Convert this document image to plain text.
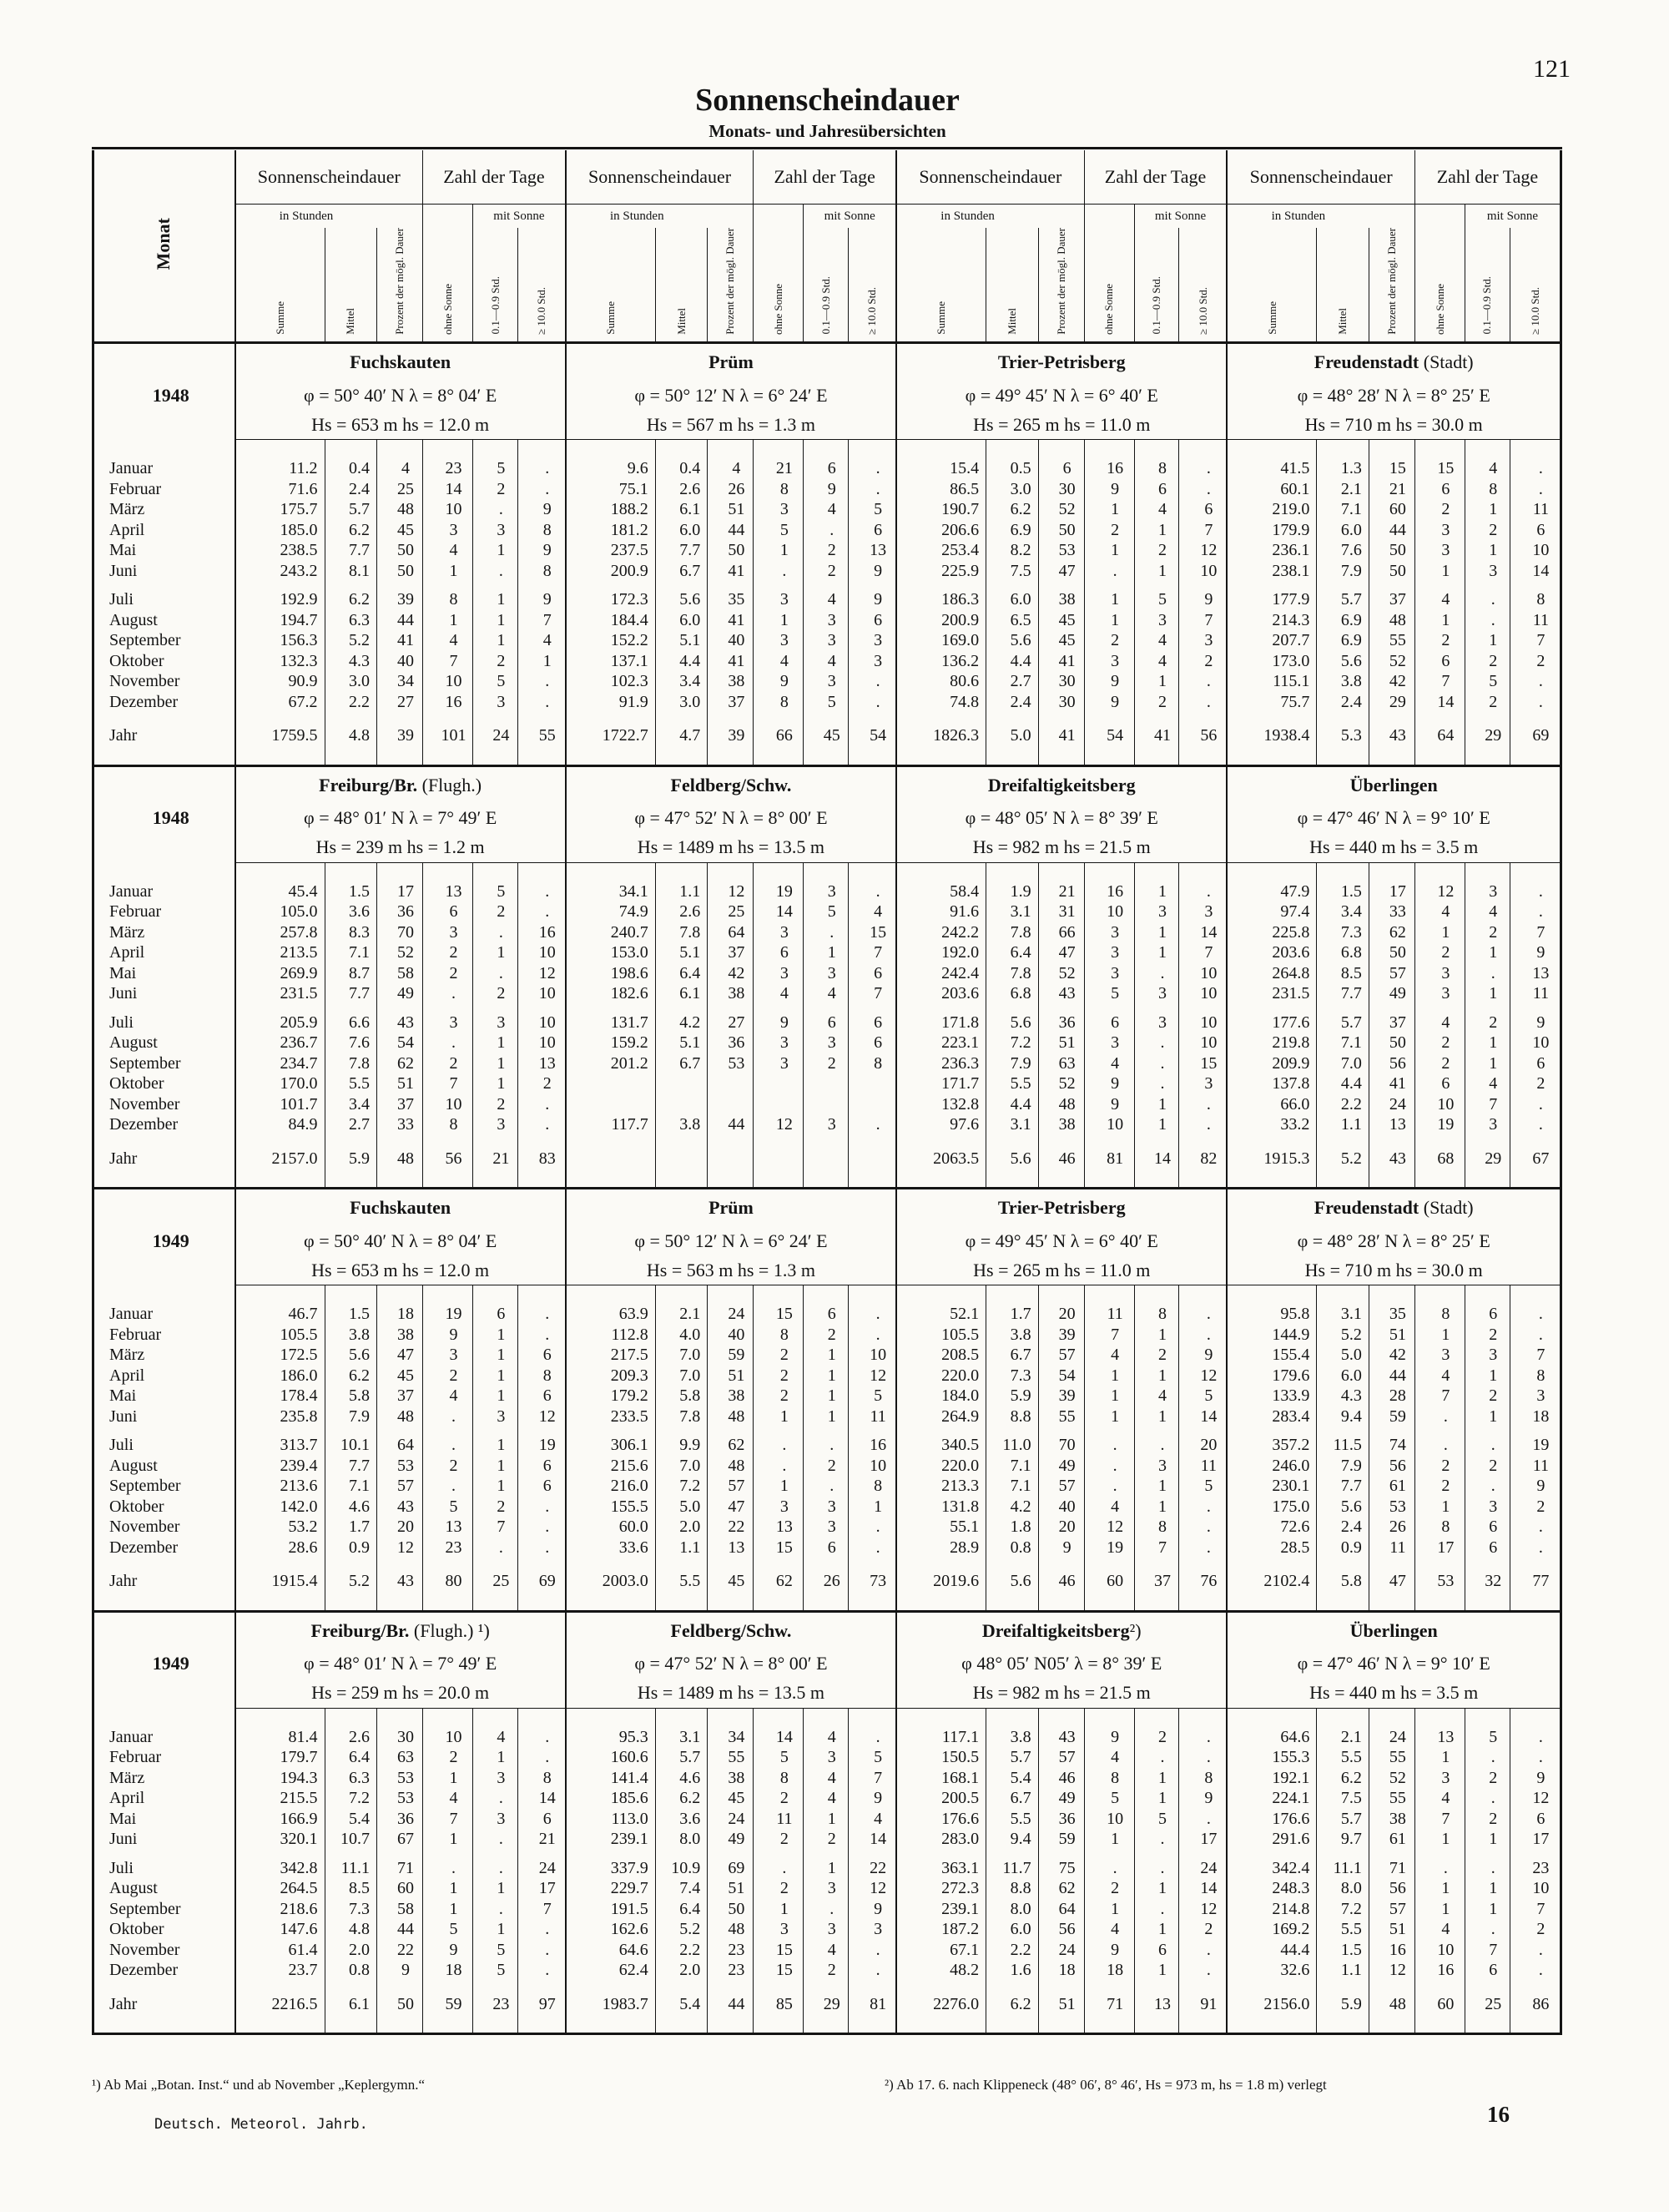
121
Sonnenscheindauer
Monats- und Jahresübersichten
Monat	Sonnenscheindauer			Zahl der Tage			Sonnenscheindauer			Zahl der Tage			Sonnenscheindauer			Zahl der Tage			Sonnenscheindauer			Zahl der Tage		
	in Stunden				mit Sonne		in Stunden				mit Sonne		in Stunden				mit Sonne		in Stunden				mit Sonne	
	Summe	Mittel	Prozent der mögl. Dauer	ohne Sonne	0.1—0.9 Std.	≥ 10.0 Std.	Summe	Mittel	Prozent der mögl. Dauer	ohne Sonne	0.1—0.9 Std.	≥ 10.0 Std.	Summe	Mittel	Prozent der mögl. Dauer	ohne Sonne	0.1—0.9 Std.	≥ 10.0 Std.	Summe	Mittel	Prozent der mögl. Dauer	ohne Sonne	0.1—0.9 Std.	≥ 10.0 Std.
	Fuchskauten						Prüm						Trier-Petrisberg						Freudenstadt (Stadt)					
1948	φ = 50° 40′ N λ = 8° 04′ E						φ = 50° 12′ N λ = 6° 24′ E						φ = 49° 45′ N λ = 6° 40′ E						φ = 48° 28′ N λ = 8° 25′ E					
	Hs = 653 m hs = 12.0 m						Hs = 567 m hs = 1.3 m						Hs = 265 m hs = 11.0 m						Hs = 710 m hs = 30.0 m					

Januar	11.2	0.4	4	23	5	.	9.6	0.4	4	21	6	.	15.4	0.5	6	16	8	.	41.5	1.3	15	15	4	.
Februar	71.6	2.4	25	14	2	.	75.1	2.6	26	8	9	.	86.5	3.0	30	9	6	.	60.1	2.1	21	6	8	.
März	175.7	5.7	48	10	.	9	188.2	6.1	51	3	4	5	190.7	6.2	52	1	4	6	219.0	7.1	60	2	1	11
April	185.0	6.2	45	3	3	8	181.2	6.0	44	5	.	6	206.6	6.9	50	2	1	7	179.9	6.0	44	3	2	6
Mai	238.5	7.7	50	4	1	9	237.5	7.7	50	1	2	13	253.4	8.2	53	1	2	12	236.1	7.6	50	3	1	10
Juni	243.2	8.1	50	1	.	8	200.9	6.7	41	.	2	9	225.9	7.5	47	.	1	10	238.1	7.9	50	1	3	14

Juli	192.9	6.2	39	8	1	9	172.3	5.6	35	3	4	9	186.3	6.0	38	1	5	9	177.9	5.7	37	4	.	8
August	194.7	6.3	44	1	1	7	184.4	6.0	41	1	3	6	200.9	6.5	45	1	3	7	214.3	6.9	48	1	.	11
September	156.3	5.2	41	4	1	4	152.2	5.1	40	3	3	3	169.0	5.6	45	2	4	3	207.7	6.9	55	2	1	7
Oktober	132.3	4.3	40	7	2	1	137.1	4.4	41	4	4	3	136.2	4.4	41	3	4	2	173.0	5.6	52	6	2	2
November	90.9	3.0	34	10	5	.	102.3	3.4	38	9	3	.	80.6	2.7	30	9	1	.	115.1	3.8	42	7	5	.
Dezember	67.2	2.2	27	16	3	.	91.9	3.0	37	8	5	.	74.8	2.4	30	9	2	.	75.7	2.4	29	14	2	.

Jahr	1759.5	4.8	39	101	24	55	1722.7	4.7	39	66	45	54	1826.3	5.0	41	54	41	56	1938.4	5.3	43	64	29	69

	Freiburg/Br. (Flugh.)						Feldberg/Schw.						Dreifaltigkeitsberg						Überlingen					
1948	φ = 48° 01′ N λ = 7° 49′ E						φ = 47° 52′ N λ = 8° 00′ E						φ = 48° 05′ N λ = 8° 39′ E						φ = 47° 46′ N λ = 9° 10′ E					
	Hs = 239 m hs = 1.2 m						Hs = 1489 m hs = 13.5 m						Hs = 982 m hs = 21.5 m						Hs = 440 m hs = 3.5 m					

Januar	45.4	1.5	17	13	5	.	34.1	1.1	12	19	3	.	58.4	1.9	21	16	1	.	47.9	1.5	17	12	3	.
Februar	105.0	3.6	36	6	2	.	74.9	2.6	25	14	5	4	91.6	3.1	31	10	3	3	97.4	3.4	33	4	4	.
März	257.8	8.3	70	3	.	16	240.7	7.8	64	3	.	15	242.2	7.8	66	3	1	14	225.8	7.3	62	1	2	7
April	213.5	7.1	52	2	1	10	153.0	5.1	37	6	1	7	192.0	6.4	47	3	1	7	203.6	6.8	50	2	1	9
Mai	269.9	8.7	58	2	.	12	198.6	6.4	42	3	3	6	242.4	7.8	52	3	.	10	264.8	8.5	57	3	.	13
Juni	231.5	7.7	49	.	2	10	182.6	6.1	38	4	4	7	203.6	6.8	43	5	3	10	231.5	7.7	49	3	1	11

Juli	205.9	6.6	43	3	3	10	131.7	4.2	27	9	6	6	171.8	5.6	36	6	3	10	177.6	5.7	37	4	2	9
August	236.7	7.6	54	.	1	10	159.2	5.1	36	3	3	6	223.1	7.2	51	3	.	10	219.8	7.1	50	2	1	10
September	234.7	7.8	62	2	1	13	201.2	6.7	53	3	2	8	236.3	7.9	63	4	.	15	209.9	7.0	56	2	1	6
Oktober	170.0	5.5	51	7	1	2							171.7	5.5	52	9	.	3	137.8	4.4	41	6	4	2
November	101.7	3.4	37	10	2	.							132.8	4.4	48	9	1	.	66.0	2.2	24	10	7	.
Dezember	84.9	2.7	33	8	3	.	117.7	3.8	44	12	3	.	97.6	3.1	38	10	1	.	33.2	1.1	13	19	3	.

Jahr	2157.0	5.9	48	56	21	83							2063.5	5.6	46	81	14	82	1915.3	5.2	43	68	29	67

	Fuchskauten						Prüm						Trier-Petrisberg						Freudenstadt (Stadt)					
1949	φ = 50° 40′ N λ = 8° 04′ E						φ = 50° 12′ N λ = 6° 24′ E						φ = 49° 45′ N λ = 6° 40′ E						φ = 48° 28′ N λ = 8° 25′ E					
	Hs = 653 m hs = 12.0 m						Hs = 563 m hs = 1.3 m						Hs = 265 m hs = 11.0 m						Hs = 710 m hs = 30.0 m					

Januar	46.7	1.5	18	19	6	.	63.9	2.1	24	15	6	.	52.1	1.7	20	11	8	.	95.8	3.1	35	8	6	.
Februar	105.5	3.8	38	9	1	.	112.8	4.0	40	8	2	.	105.5	3.8	39	7	1	.	144.9	5.2	51	1	2	.
März	172.5	5.6	47	3	1	6	217.5	7.0	59	2	1	10	208.5	6.7	57	4	2	9	155.4	5.0	42	3	3	7
April	186.0	6.2	45	2	1	8	209.3	7.0	51	2	1	12	220.0	7.3	54	1	1	12	179.6	6.0	44	4	1	8
Mai	178.4	5.8	37	4	1	6	179.2	5.8	38	2	1	5	184.0	5.9	39	1	4	5	133.9	4.3	28	7	2	3
Juni	235.8	7.9	48	.	3	12	233.5	7.8	48	1	1	11	264.9	8.8	55	1	1	14	283.4	9.4	59	.	1	18

Juli	313.7	10.1	64	.	1	19	306.1	9.9	62	.	.	16	340.5	11.0	70	.	.	20	357.2	11.5	74	.	.	19
August	239.4	7.7	53	2	1	6	215.6	7.0	48	.	2	10	220.0	7.1	49	.	3	11	246.0	7.9	56	2	2	11
September	213.6	7.1	57	.	1	6	216.0	7.2	57	1	.	8	213.3	7.1	57	.	1	5	230.1	7.7	61	2	.	9
Oktober	142.0	4.6	43	5	2	.	155.5	5.0	47	3	3	1	131.8	4.2	40	4	1	.	175.0	5.6	53	1	3	2
November	53.2	1.7	20	13	7	.	60.0	2.0	22	13	3	.	55.1	1.8	20	12	8	.	72.6	2.4	26	8	6	.
Dezember	28.6	0.9	12	23	.	.	33.6	1.1	13	15	6	.	28.9	0.8	9	19	7	.	28.5	0.9	11	17	6	.

Jahr	1915.4	5.2	43	80	25	69	2003.0	5.5	45	62	26	73	2019.6	5.6	46	60	37	76	2102.4	5.8	47	53	32	77

	Freiburg/Br. (Flugh.) ¹)						Feldberg/Schw.						Dreifaltigkeitsberg²)						Überlingen					
1949	φ = 48° 01′ N λ = 7° 49′ E						φ = 47° 52′ N λ = 8° 00′ E						φ 48° 05′ N05′ λ = 8° 39′ E						φ = 47° 46′ N λ = 9° 10′ E					
	Hs = 259 m hs = 20.0 m						Hs = 1489 m hs = 13.5 m						Hs = 982 m hs = 21.5 m						Hs = 440 m hs = 3.5 m					

Januar	81.4	2.6	30	10	4	.	95.3	3.1	34	14	4	.	117.1	3.8	43	9	2	.	64.6	2.1	24	13	5	.
Februar	179.7	6.4	63	2	1	.	160.6	5.7	55	5	3	5	150.5	5.7	57	4	.	.	155.3	5.5	55	1	.	.
März	194.3	6.3	53	1	3	8	141.4	4.6	38	8	4	7	168.1	5.4	46	8	1	8	192.1	6.2	52	3	2	9
April	215.5	7.2	53	4	.	14	185.6	6.2	45	2	4	9	200.5	6.7	49	5	1	9	224.1	7.5	55	4	.	12
Mai	166.9	5.4	36	7	3	6	113.0	3.6	24	11	1	4	176.6	5.5	36	10	5	.	176.6	5.7	38	7	2	6
Juni	320.1	10.7	67	1	.	21	239.1	8.0	49	2	2	14	283.0	9.4	59	1	.	17	291.6	9.7	61	1	1	17

Juli	342.8	11.1	71	.	.	24	337.9	10.9	69	.	1	22	363.1	11.7	75	.	.	24	342.4	11.1	71	.	.	23
August	264.5	8.5	60	1	1	17	229.7	7.4	51	2	3	12	272.3	8.8	62	2	1	14	248.3	8.0	56	1	1	10
September	218.6	7.3	58	1	.	7	191.5	6.4	50	1	.	9	239.1	8.0	64	1	.	12	214.8	7.2	57	1	1	7
Oktober	147.6	4.8	44	5	1	.	162.6	5.2	48	3	3	3	187.2	6.0	56	4	1	2	169.2	5.5	51	4	.	2
November	61.4	2.0	22	9	5	.	64.6	2.2	23	15	4	.	67.1	2.2	24	9	6	.	44.4	1.5	16	10	7	.
Dezember	23.7	0.8	9	18	5	.	62.4	2.0	23	15	2	.	48.2	1.6	18	18	1	.	32.6	1.1	12	16	6	.

Jahr	2216.5	6.1	50	59	23	97	1983.7	5.4	44	85	29	81	2276.0	6.2	51	71	13	91	2156.0	5.9	48	60	25	86

¹) Ab Mai „Botan. Inst.“ und ab November „Keplergymn.“	²) Ab 17. 6. nach Klippeneck (48° 06′, 8° 46′, Hs = 973 m, hs = 1.8 m) verlegt
Deutsch. Meteorol. Jahrb.	16
